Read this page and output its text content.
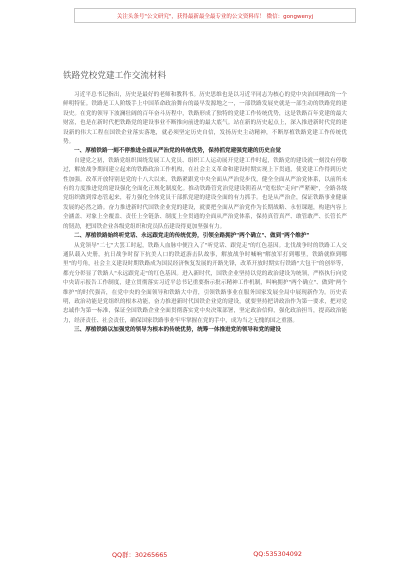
关注头条号"公文研究"，获得最新最全最专业的公文资料库！ 微信：gongwenyj
铁路党校党建工作交流材料

习近平总书记指出，历史是最好的老师和教科书。历史思维也是以习近平同志为核心的党中央治国理政的一个鲜明特征。铁路是工人阶级手上中国革命政治舞台的最早发源地之一，一部铁路发展史就是一部生动的铁路党的建设史。在党的领导下波澜壮阔的百年奋斗历程中，铁路形成了独特的党建工作传统优势，这是铁路百年党建的最大财富，也是在新时代把铁路党的建设事业不断推向前进的最大底气。站在新的历史起点上，深入推进新时代党的建设新的伟大工程在国铁企业落实落地，就必须坚定历史自信，发扬历史主动精神，不断厚植铁路党建工作传统优势。

一、厚植铁路一刻不停推进全面从严治党的传统优势，保持抓党建强党建的历史自觉

自建党之初，铁路党组织围绕发展工人党员、组织工人运动展开党建工作时起，铁路党的建设就一刻没有停歇过，解放战争期间建立起来的铁路政治工作机构，在社会主义革命和建设时期实现上下贯通，使党建工作得到历史性加强。改革开放特别是党的十八大以来，铁路紧跟党中央全面从严治党步伐，健全全面从严治党体系，以前所未有的力度推进党的建设强化全面化正规化制度化。推动铁路管党治党建设朝着从"宽松软"走向"严紧硬"，全路各级党组织做到常态管起来，着力强化全体党员干部抓党建的建设全面的有力抓手。也是从严治企，保证铁路事业健康发展的必然之路。奋力推进新时代国铁企业党的建设，就要把全面从严治党作为长期战略、永恒课题，构建内容上全涵盖、对象上全覆盖、责任上全链条、制度上全贯通的全面从严治党体系，保持真管真严、敢管敢严、长管长严的韧劲，把国铁企业各级党组织和党员队伍建设得更加坚强有力。

二、厚植铁路始终听党话、永远跟党走的传统优势，引领全路拥护"两个确立"、做到"两个维护"

从党领导"二七"大罢工时起，铁路人血脉中便注入了"听党话、跟党走"的红色基因。北伐战争时的铁路工人交通队载入史册，抗日战争时留下抗美人口的铁道游击队故事，解放战争时喊响"解放军打到哪里，铁路就修到哪里"的号角，社会主义建设时期铁路成为国民经济恢复发展的开路先锋，改革开放时期实行铁路"大包干"的创举等，都充分彰显了铁路人"永远跟党走"的红色基因。进入新时代，国铁企业坚持以党的政治建设为统领，严格执行向党中央请示报告工作制度，建立贯彻落实习近平总书记重要指示批示精神工作机制，叫响拥护"两个确立"、做到"两个维护"的时代强音，在党中央的全面领导和铁路大中青，引领铁路事业在服务国家发展全局中展现新作为。历史表明，政治功能是党组织的根本功能，奋力推进新时代国铁企业党的建设，就要坚持把讲政治作为第一要求，把对党忠诚作为第一标准，保证全国铁路企业全面贯彻落实党中央决策部署，坚定政治信仰，强化政治担当，提高政治能力，经济责任、社会责任，确保国家铁路事业牢牢掌握在党的手中，成为当之无愧的国之重器。

三、厚植铁路以加强党的领导为根本的传统优势，统筹一体推进党的领导和党的建设
QQ群：30265665	QQ:535304092
